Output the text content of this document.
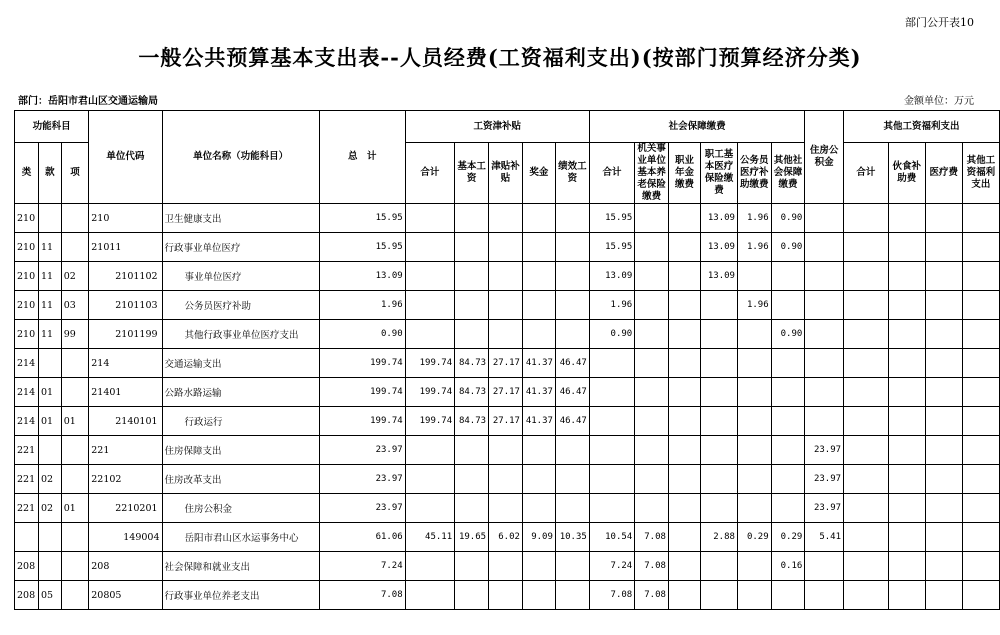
部门公开表10
一般公共预算基本支出表--人员经费(工资福利支出)(按部门预算经济分类)
部门：岳阳市君山区交通运输局	金额单位：万元
功能科目			单位代码	单位名称（功能科目）	总　计	工资津补贴					社会保障缴费						住房公积金	其他工资福利支出			
类	款	项				合计	基本工资	津贴补贴	奖金	绩效工资	合计	机关事业单位基本养老保险缴费	职业年金缴费	职工基本医疗保险缴费	公务员医疗补助缴费	其他社会保障缴费		合计	伙食补助费	医疗费	其他工资福利支出
210			210	卫生健康支出	15.95						15.95			13.09	1.96	0.90					
210	11		21011	行政事业单位医疗	15.95						15.95			13.09	1.96	0.90					
210	11	02	2101102	事业单位医疗	13.09						13.09			13.09							
210	11	03	2101103	公务员医疗补助	1.96						1.96				1.96						
210	11	99	2101199	其他行政事业单位医疗支出	0.90						0.90					0.90					
214			214	交通运输支出	199.74	199.74	84.73	27.17	41.37	46.47											
214	01		21401	公路水路运输	199.74	199.74	84.73	27.17	41.37	46.47											
214	01	01	2140101	行政运行	199.74	199.74	84.73	27.17	41.37	46.47											
221			221	住房保障支出	23.97												23.97				
221	02		22102	住房改革支出	23.97												23.97				
221	02	01	2210201	住房公积金	23.97												23.97				
			149004	岳阳市君山区水运事务中心	61.06	45.11	19.65	6.02	9.09	10.35	10.54	7.08		2.88	0.29	0.29	5.41				
208			208	社会保障和就业支出	7.24						7.24	7.08				0.16					
208	05		20805	行政事业单位养老支出	7.08						7.08	7.08									
